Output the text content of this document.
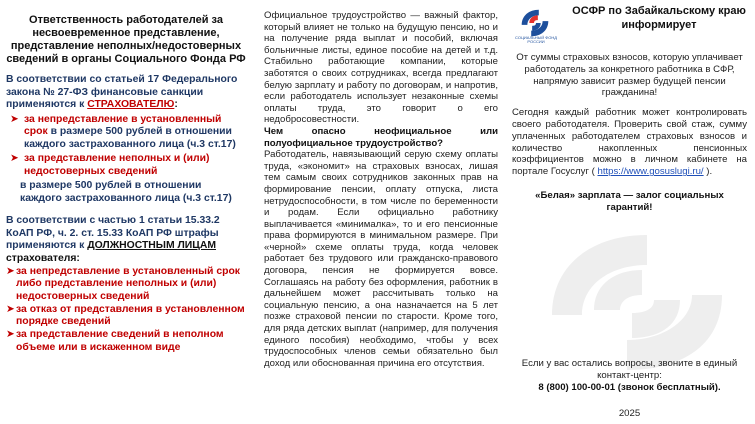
Ответственность работодателей за несвоевременное представление, представление неполных/недостоверных сведений в органы Социального Фонда РФ

В соответствии со статьей 17 Федерального закона № 27-ФЗ финансовые санкции применяются к СТРАХОВАТЕЛЮ:

➤ за непредставление в установленный срок в размере 500 рублей в отношении каждого застрахованного лица (ч.3 ст.17)
➤ за представление неполных и (или) недостоверных сведений

в размере 500 рублей в отношении каждого застрахованного лица (ч.3 ст.17)

В соответствии с частью 1 статьи 15.33.2 КоАП РФ, ч. 2. ст. 15.33 КоАП РФ штрафы применяются к ДОЛЖНОСТНЫМ ЛИЦАМ страхователя:

➤ за непредставление в установленный срок либо представление неполных и (или) недостоверных сведений
➤ за отказ от представления в установленном порядке сведений
➤ за представление сведений в неполном объеме или в искаженном виде

Официальное трудоустройство — важный фактор, который влияет не только на будущую пенсию, но и на получение ряда выплат и пособий, включая больничные листы, единое пособие на детей и т.д. Стабильно работающие компании, которые заботятся о своих сотрудниках, всегда предлагают белую зарплату и работу по договорам, и напротив, если работодатель использует незаконные схемы оплаты труда, это говорит о его недобросовестности.

Чем опасно неофициальное или

полуофициальное трудоустройство?

Работодатель, навязывающий серую схему оплаты труда, «экономит» на страховых взносах, лишая тем самым своих сотрудников законных прав на формирование пенсии, оплату отпуска, листа нетрудоспособности, в том числе по беременности и родам. Если официально работнику выплачивается «минималка», то и его пенсионные права формируются в минимальном размере. При «черной» схеме оплаты труда, когда человек работает без трудового или гражданско-правового договора, пенсия не формируется вовсе. Соглашаясь на работу без оформления, работник в дальнейшем может рассчитывать только на социальную пенсию, а она назначается на 5 лет позже страховой пенсии по старости. Кроме того, для ряда детских выплат (например, для получения единого пособия) необходимо, чтобы у всех трудоспособных членов семьи обязательно был доход или обоснованная причина его отсутствия.

СОЦИАЛЬНЫЙ ФОНД РОССИИ
ОСФР по Забайкальскому краю информирует

От суммы страховых взносов, которую уплачивает работодатель за конкретного работника в СФР, напрямую зависит размер будущей пенсии гражданина!

Сегодня каждый работник может контролировать своего работодателя. Проверить свой стаж, сумму уплаченных работодателем страховых взносов и количество накопленных пенсионных коэффициентов можно в личном кабинете на портале Госуслуг ( https://www.gosuslugi.ru/ ).

«Белая» зарплата — залог социальных гарантий!

Если у вас остались вопросы, звоните в единый контакт-центр:
8 (800) 100-00-01 (звонок бесплатный).
2025
